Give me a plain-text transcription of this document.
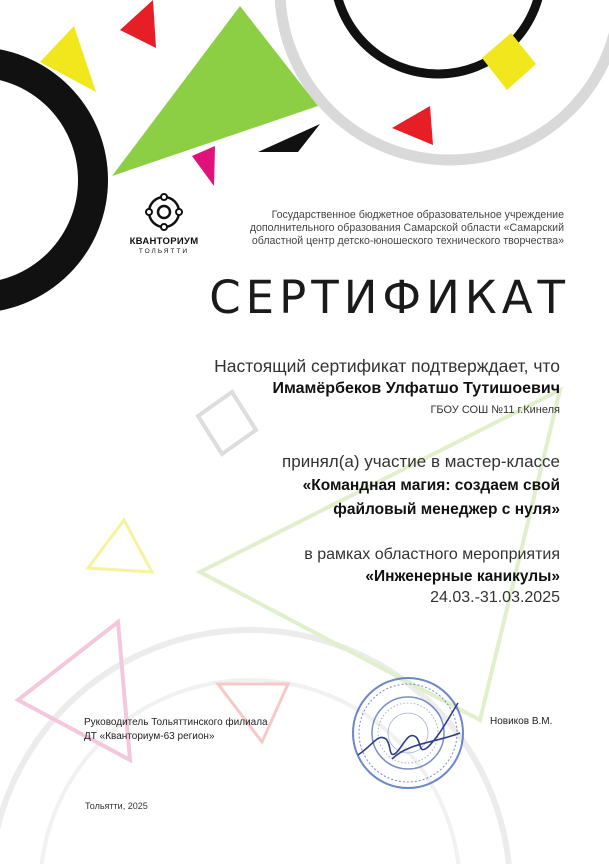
КВАНТОРИУМ
ТОЛЬЯТТИ
Государственное бюджетное образовательное учреждение
дополнительного образования Самарской области «Самарский
областной центр детско-юношеского технического творчества»
СЕРТИФИКАТ
Настоящий сертификат подтверждает, что
Имамёрбеков Улфатшо Тутишоевич
ГБОУ СОШ №11 г.Кинеля
принял(а) участие в мастер-классе
«Командная магия: создаем свой
файловый менеджер с нуля»
в рамках областного мероприятия
«Инженерные каникулы»
24.03.-31.03.2025
Руководитель Тольяттинского филиала
ДТ «Кванториум-63 регион»
Новиков В.М.
Тольятти, 2025
